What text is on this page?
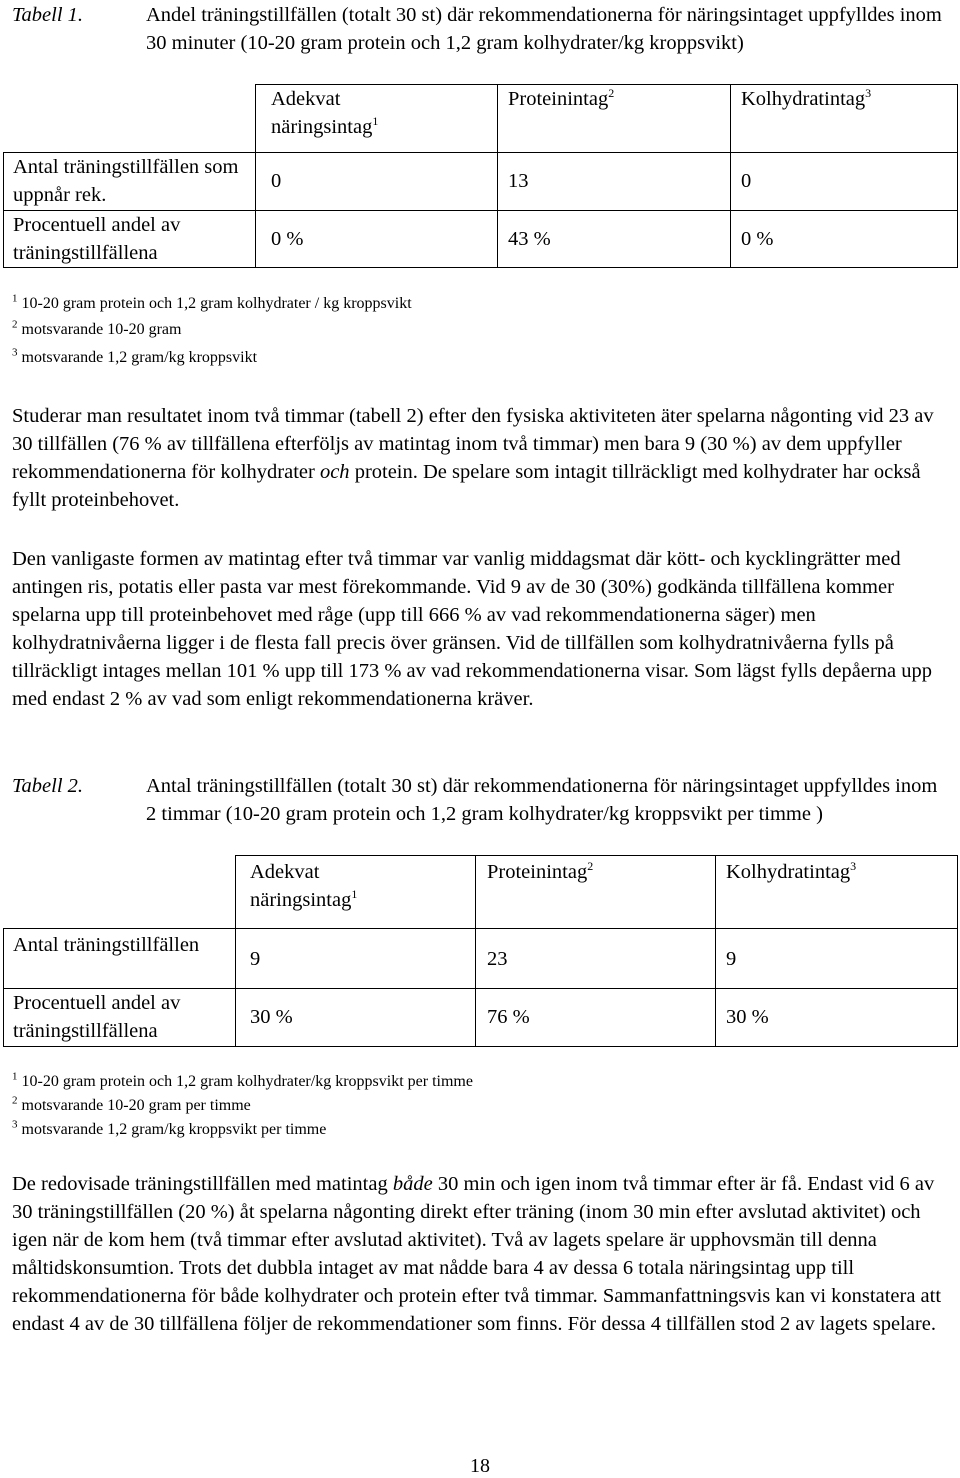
Tabell 1.	Andel träningstillfällen (totalt 30 st) där rekommendationerna för näringsintaget uppfylldes inom 30 minuter (10-20 gram protein och 1,2 gram kolhydrater/kg kroppsvikt)
	Adekvat näringsintag$^1$	Proteinintag$^2$	Kolhydratintag$^3$
Antal träningstillfällen som uppnår rek.	0	13	0
Procentuell andel av träningstillfällena	0 %	43 %	0 %
$^1$ 10-20 gram protein och 1,2 gram kolhydrater / kg kroppsvikt
$^2$ motsvarande 10-20 gram
$^3$ motsvarande 1,2 gram/kg kroppsvikt
Studerar man resultatet inom två timmar (tabell 2) efter den fysiska aktiviteten äter spelarna någonting vid 23 av 30 tillfällen (76 % av tillfällena efterföljs av matintag inom två timmar) men bara 9 (30 %) av dem uppfyller rekommendationerna för kolhydrater och protein. De spelare som intagit tillräckligt med kolhydrater har också fyllt proteinbehovet.
Den vanligaste formen av matintag efter två timmar var vanlig middagsmat där kött- och kycklingrätter med antingen ris, potatis eller pasta var mest förekommande. Vid 9 av de 30 (30%) godkända tillfällena kommer spelarna upp till proteinbehovet med råge (upp till 666 % av vad rekommendationerna säger) men kolhydratnivåerna ligger i de flesta fall precis över gränsen. Vid de tillfällen som kolhydratnivåerna fylls på tillräckligt intages mellan 101 % upp till 173 % av vad rekommendationerna visar. Som lägst fylls depåerna upp med endast 2 % av vad som enligt rekommendationerna kräver.
Tabell 2.	Antal träningstillfällen (totalt 30 st) där rekommendationerna för näringsintaget uppfylldes inom 2 timmar (10-20 gram protein och 1,2 gram kolhydrater/kg kroppsvikt per timme )
	Adekvat näringsintag$^1$	Proteinintag$^2$	Kolhydratintag$^3$
Antal träningstillfällen	9	23	9
Procentuell andel av träningstillfällena	30 %	76 %	30 %
$^1$ 10-20 gram protein och 1,2 gram kolhydrater/kg kroppsvikt per timme
$^2$ motsvarande 10-20 gram per timme
$^3$ motsvarande 1,2 gram/kg kroppsvikt per timme
De redovisade träningstillfällen med matintag både 30 min och igen inom två timmar efter är få. Endast vid 6 av 30 träningstillfällen (20 %) åt spelarna någonting direkt efter träning (inom 30 min efter avslutad aktivitet) och igen när de kom hem (två timmar efter avslutad aktivitet). Två av lagets spelare är upphovsmän till denna måltidskonsumtion. Trots det dubbla intaget av mat nådde bara 4 av dessa 6 totala näringsintag upp till rekommendationerna för både kolhydrater och protein efter två timmar. Sammanfattningsvis kan vi konstatera att endast 4 av de 30 tillfällena följer de rekommendationer som finns. För dessa 4 tillfällen stod 2 av lagets spelare.
18
